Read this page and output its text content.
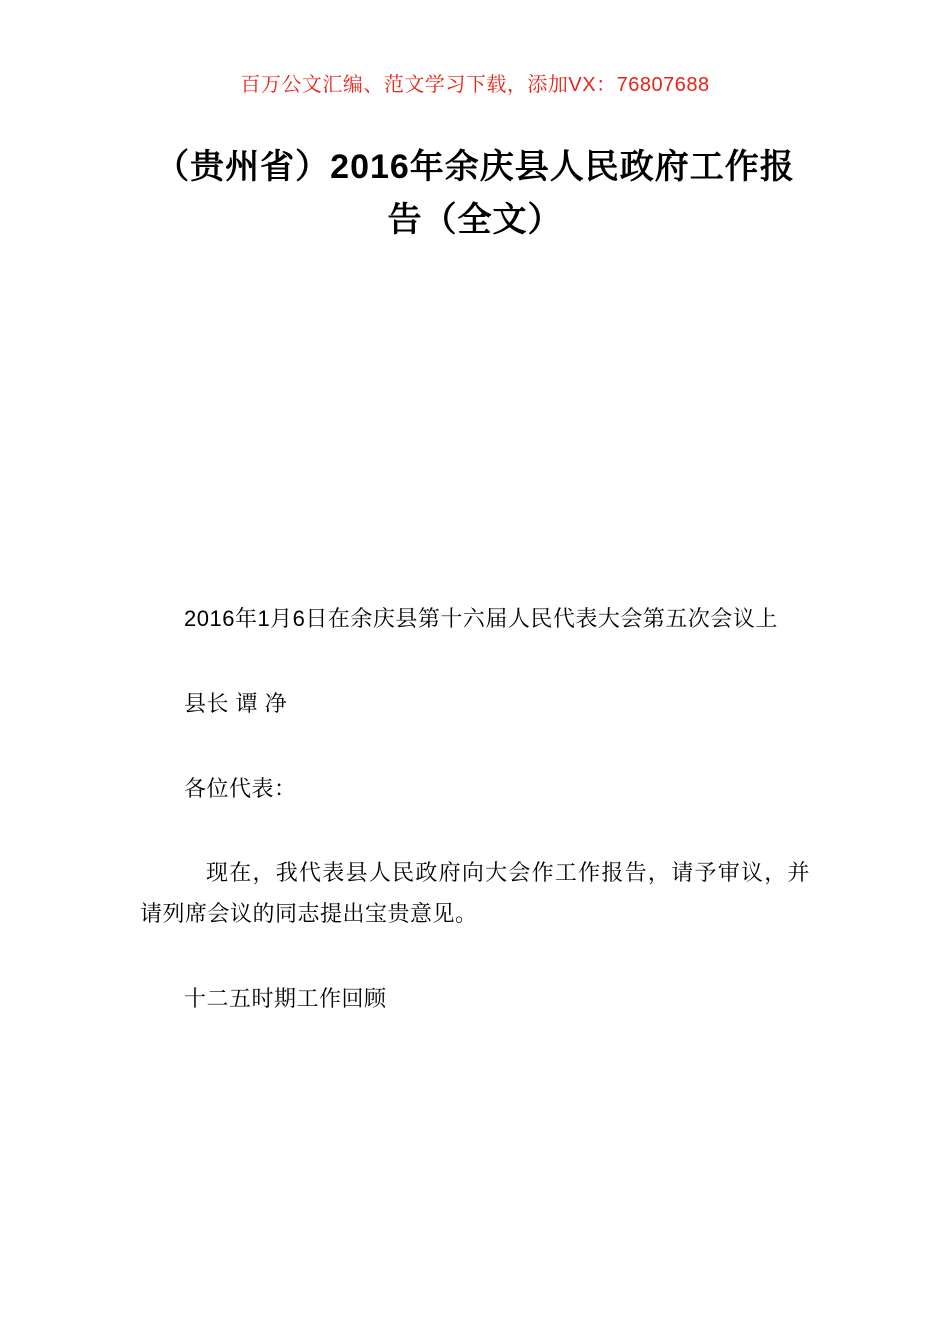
百万公文汇编、范文学习下载，添加VX：76807688
（贵州省）2016年余庆县人民政府工作报告（全文）

2016年1月6日在余庆县第十六届人民代表大会第五次会议上

县长 谭 净

各位代表：

现在，我代表县人民政府向大会作工作报告，请予审议，并请列席会议的同志提出宝贵意见。

十二五时期工作回顾
